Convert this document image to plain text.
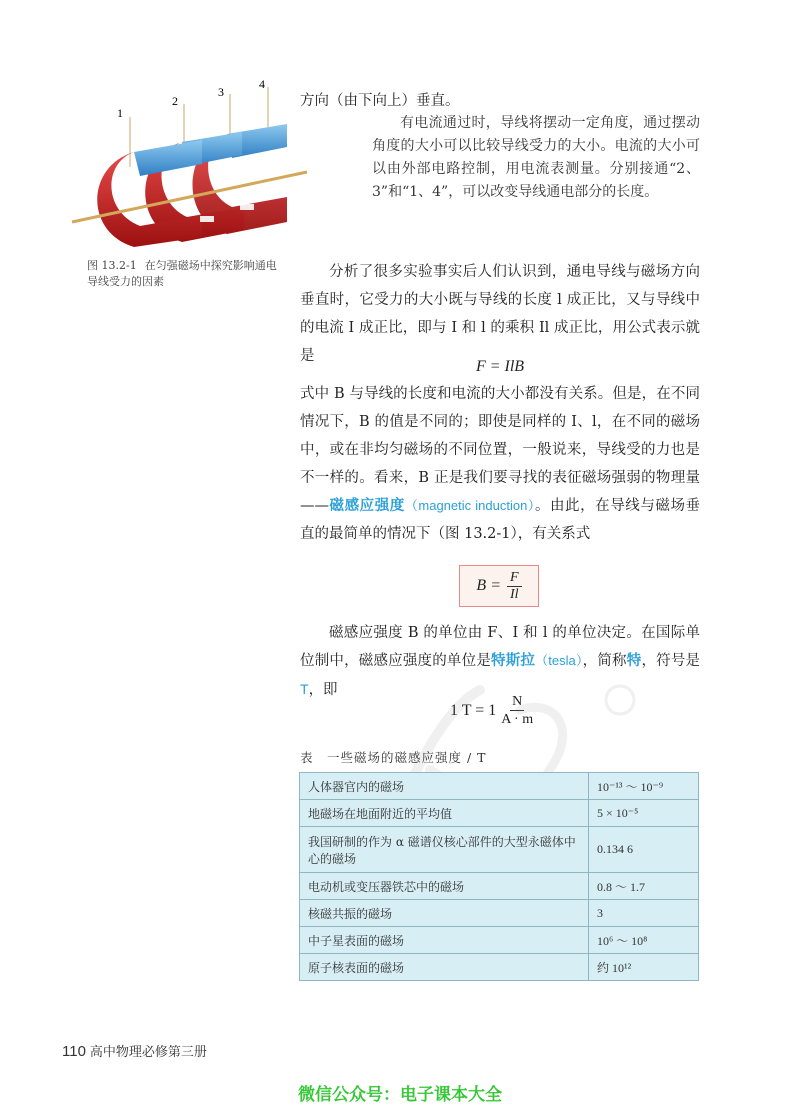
1
2
3
4
图 13.2-1 在匀强磁场中探究影响通电导线受力的因素

方向（由下向上）垂直。

有电流通过时，导线将摆动一定角度，通过摆动角度的大小可以比较导线受力的大小。电流的大小可以由外部电路控制，用电流表测量。分别接通“2、3”和“1、4”，可以改变导线通电部分的长度。

分析了很多实验事实后人们认识到，通电导线与磁场方向垂直时，它受力的大小既与导线的长度 l 成正比，又与导线中的电流 I 成正比，即与 I 和 l 的乘积 Il 成正比，用公式表示就是

F = IlB

式中 B 与导线的长度和电流的大小都没有关系。但是，在不同情况下，B 的值是不同的；即使是同样的 I、l，在不同的磁场中，或在非均匀磁场的不同位置，一般说来，导线受的力也是不一样的。看来，B 正是我们要寻找的表征磁场强弱的物理量——磁感应强度（magnetic induction）。由此，在导线与磁场垂直的最简单的情况下（图 13.2-1），有关系式

$B = \frac{F}{Il}$

磁感应强度 B 的单位由 F、I 和 l 的单位决定。在国际单位制中，磁感应强度的单位是特斯拉（tesla），简称特，符号是T，即

1 $T = 1 \frac{N}{A \cdot m}$
表　一些磁场的磁感应强度 / T
人体器官内的磁场	10⁻¹³ ～ 10⁻⁹
地磁场在地面附近的平均值	5 × 10⁻⁵
我国研制的作为 α 磁谱仪核心部件的大型永磁体中心的磁场	0.134 6
电动机或变压器铁芯中的磁场	0.8 ～ 1.7
核磁共振的磁场	3
中子星表面的磁场	10⁶ ～ 10⁸
原子核表面的磁场	约 10¹²
110 高中物理必修第三册
微信公众号：电子课本大全
